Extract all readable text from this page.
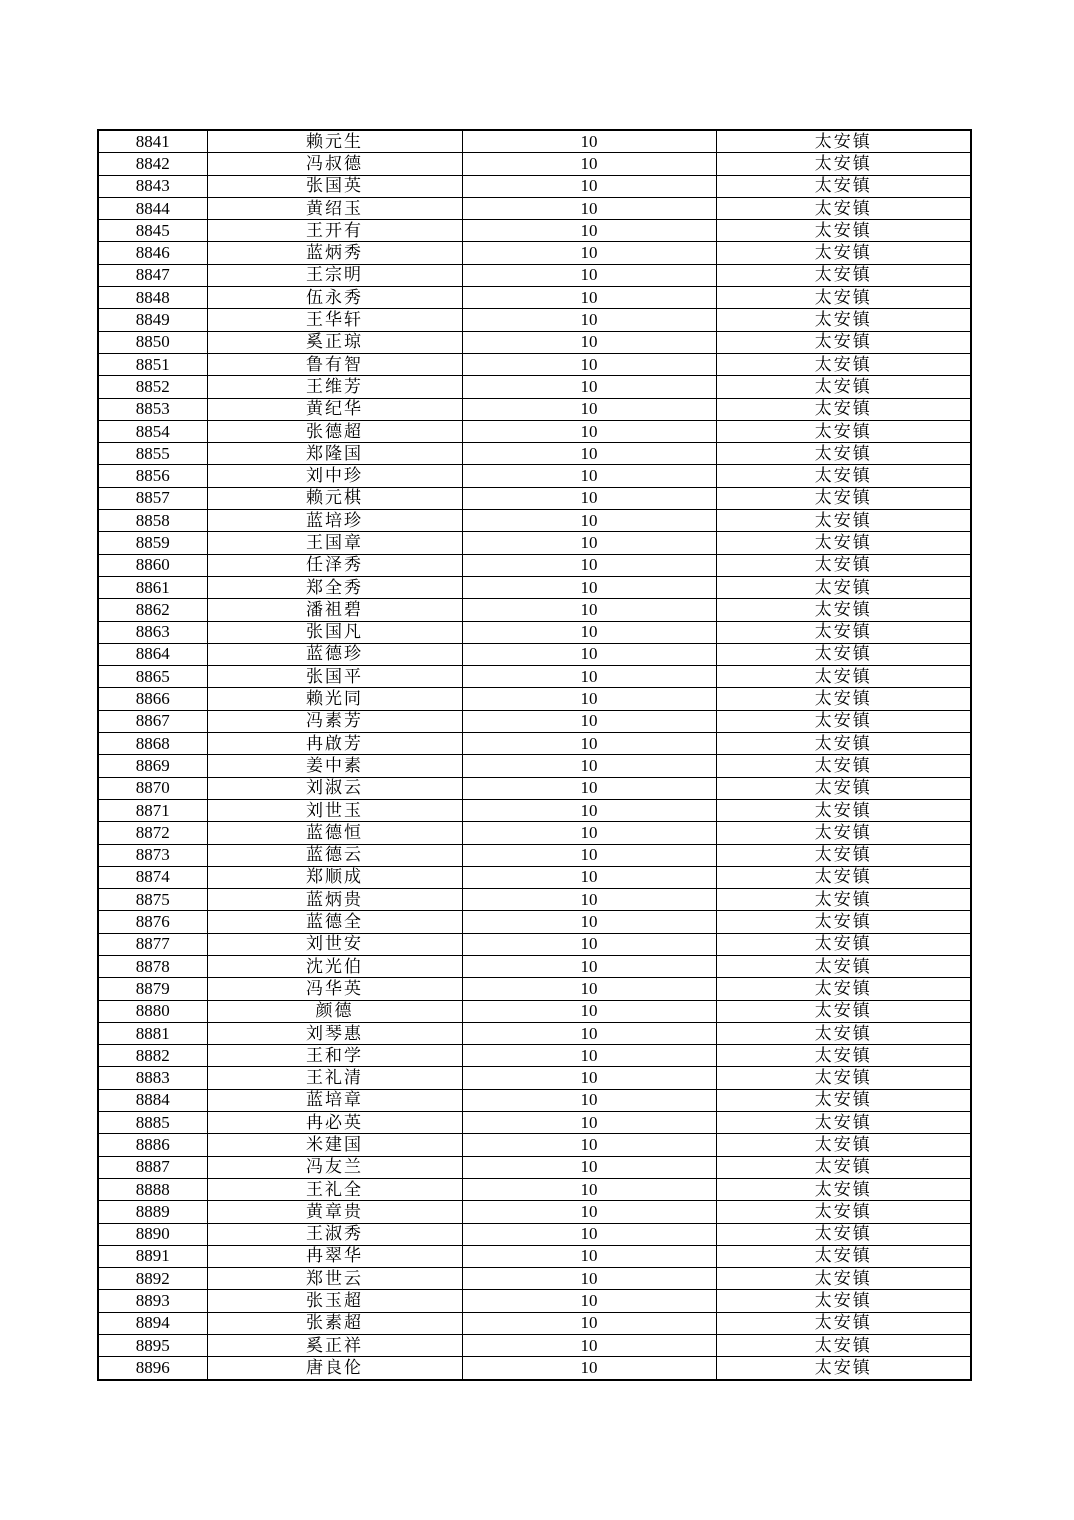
8841	赖元生	10	太安镇
8842	冯叔德	10	太安镇
8843	张国英	10	太安镇
8844	黄绍玉	10	太安镇
8845	王开有	10	太安镇
8846	蓝炳秀	10	太安镇
8847	王宗明	10	太安镇
8848	伍永秀	10	太安镇
8849	王华轩	10	太安镇
8850	奚正琼	10	太安镇
8851	鲁有智	10	太安镇
8852	王维芳	10	太安镇
8853	黄纪华	10	太安镇
8854	张德超	10	太安镇
8855	郑隆国	10	太安镇
8856	刘中珍	10	太安镇
8857	赖元棋	10	太安镇
8858	蓝培珍	10	太安镇
8859	王国章	10	太安镇
8860	任泽秀	10	太安镇
8861	郑全秀	10	太安镇
8862	潘祖碧	10	太安镇
8863	张国凡	10	太安镇
8864	蓝德珍	10	太安镇
8865	张国平	10	太安镇
8866	赖光同	10	太安镇
8867	冯素芳	10	太安镇
8868	冉啟芳	10	太安镇
8869	姜中素	10	太安镇
8870	刘淑云	10	太安镇
8871	刘世玉	10	太安镇
8872	蓝德恒	10	太安镇
8873	蓝德云	10	太安镇
8874	郑顺成	10	太安镇
8875	蓝炳贵	10	太安镇
8876	蓝德全	10	太安镇
8877	刘世安	10	太安镇
8878	沈光伯	10	太安镇
8879	冯华英	10	太安镇
8880	颜德	10	太安镇
8881	刘琴惠	10	太安镇
8882	王和学	10	太安镇
8883	王礼清	10	太安镇
8884	蓝培章	10	太安镇
8885	冉必英	10	太安镇
8886	米建国	10	太安镇
8887	冯友兰	10	太安镇
8888	王礼全	10	太安镇
8889	黄章贵	10	太安镇
8890	王淑秀	10	太安镇
8891	冉翠华	10	太安镇
8892	郑世云	10	太安镇
8893	张玉超	10	太安镇
8894	张素超	10	太安镇
8895	奚正祥	10	太安镇
8896	唐良伦	10	太安镇
